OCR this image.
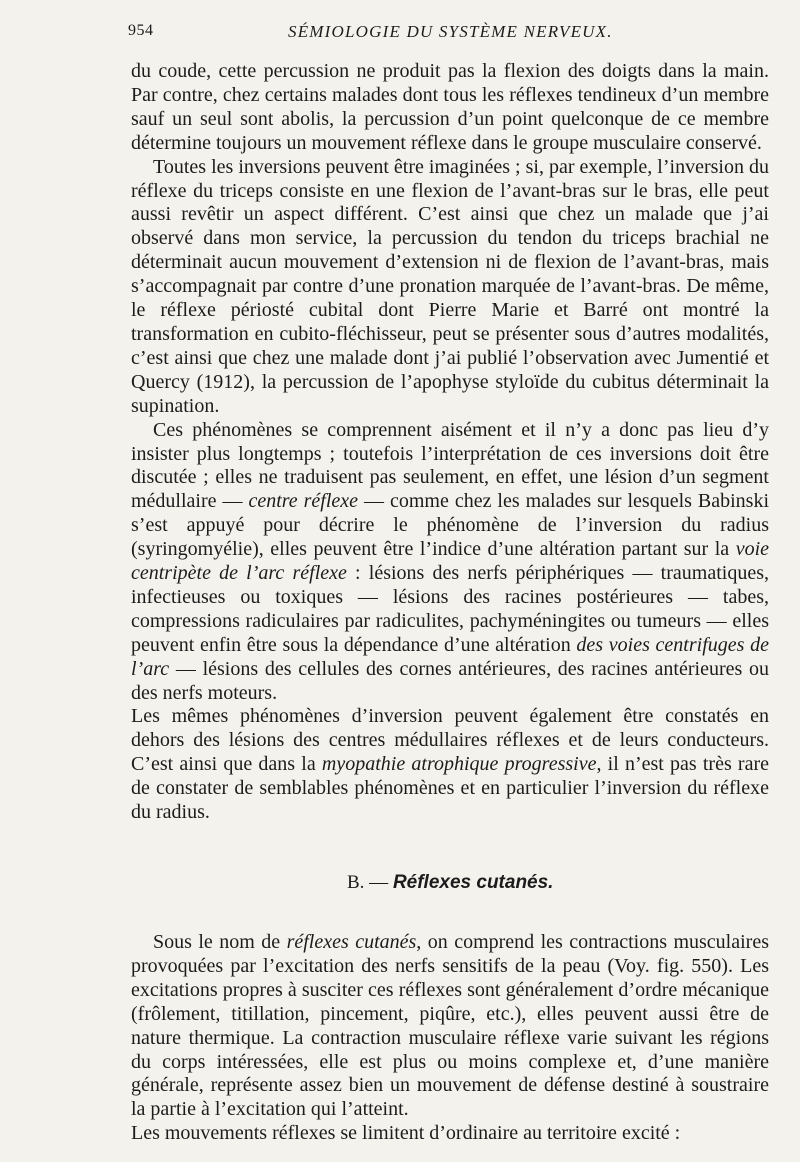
954	SÉMIOLOGIE DU SYSTÈME NERVEUX.

du coude, cette percussion ne produit pas la flexion des doigts dans la main. Par contre, chez certains malades dont tous les réflexes tendineux d’un membre sauf un seul sont abolis, la percussion d’un point quelconque de ce membre détermine toujours un mouvement réflexe dans le groupe musculaire conservé.

Toutes les inversions peuvent être imaginées ; si, par exemple, l’inversion du réflexe du triceps consiste en une flexion de l’avant-bras sur le bras, elle peut aussi revêtir un aspect différent. C’est ainsi que chez un malade que j’ai observé dans mon service, la percussion du tendon du triceps brachial ne déterminait aucun mouvement d’extension ni de flexion de l’avant-bras, mais s’accompagnait par contre d’une pronation marquée de l’avant-bras. De même, le réflexe périosté cubital dont Pierre Marie et Barré ont montré la transformation en cubito-fléchisseur, peut se présenter sous d’autres modalités, c’est ainsi que chez une malade dont j’ai publié l’observation avec Jumentié et Quercy (1912), la percussion de l’apophyse styloïde du cubitus déterminait la supination.

Ces phénomènes se comprennent aisément et il n’y a donc pas lieu d’y insister plus longtemps ; toutefois l’interprétation de ces inversions doit être discutée ; elles ne traduisent pas seulement, en effet, une lésion d’un segment médullaire — centre réflexe — comme chez les malades sur lesquels Babinski s’est appuyé pour décrire le phénomène de l’inversion du radius (syringomyélie), elles peuvent être l’indice d’une altération partant sur la voie centripète de l’arc réflexe : lésions des nerfs périphériques — traumatiques, infectieuses ou toxiques — lésions des racines postérieures — tabes, compressions radiculaires par radiculites, pachyméningites ou tumeurs — elles peuvent enfin être sous la dépendance d’une altération des voies centrifuges de l’arc — lésions des cellules des cornes antérieures, des racines antérieures ou des nerfs moteurs.

Les mêmes phénomènes d’inversion peuvent également être constatés en dehors des lésions des centres médullaires réflexes et de leurs conducteurs. C’est ainsi que dans la myopathie atrophique progressive, il n’est pas très rare de constater de semblables phénomènes et en particulier l’inversion du réflexe du radius.

B. — Réflexes cutanés.

Sous le nom de réflexes cutanés, on comprend les contractions musculaires provoquées par l’excitation des nerfs sensitifs de la peau (Voy. fig. 550). Les excitations propres à susciter ces réflexes sont généralement d’ordre mécanique (frôlement, titillation, pincement, piqûre, etc.), elles peuvent aussi être de nature thermique. La contraction musculaire réflexe varie suivant les régions du corps intéressées, elle est plus ou moins complexe et, d’une manière générale, représente assez bien un mouvement de défense destiné à soustraire la partie à l’excitation qui l’atteint.

Les mouvements réflexes se limitent d’ordinaire au territoire excité :
